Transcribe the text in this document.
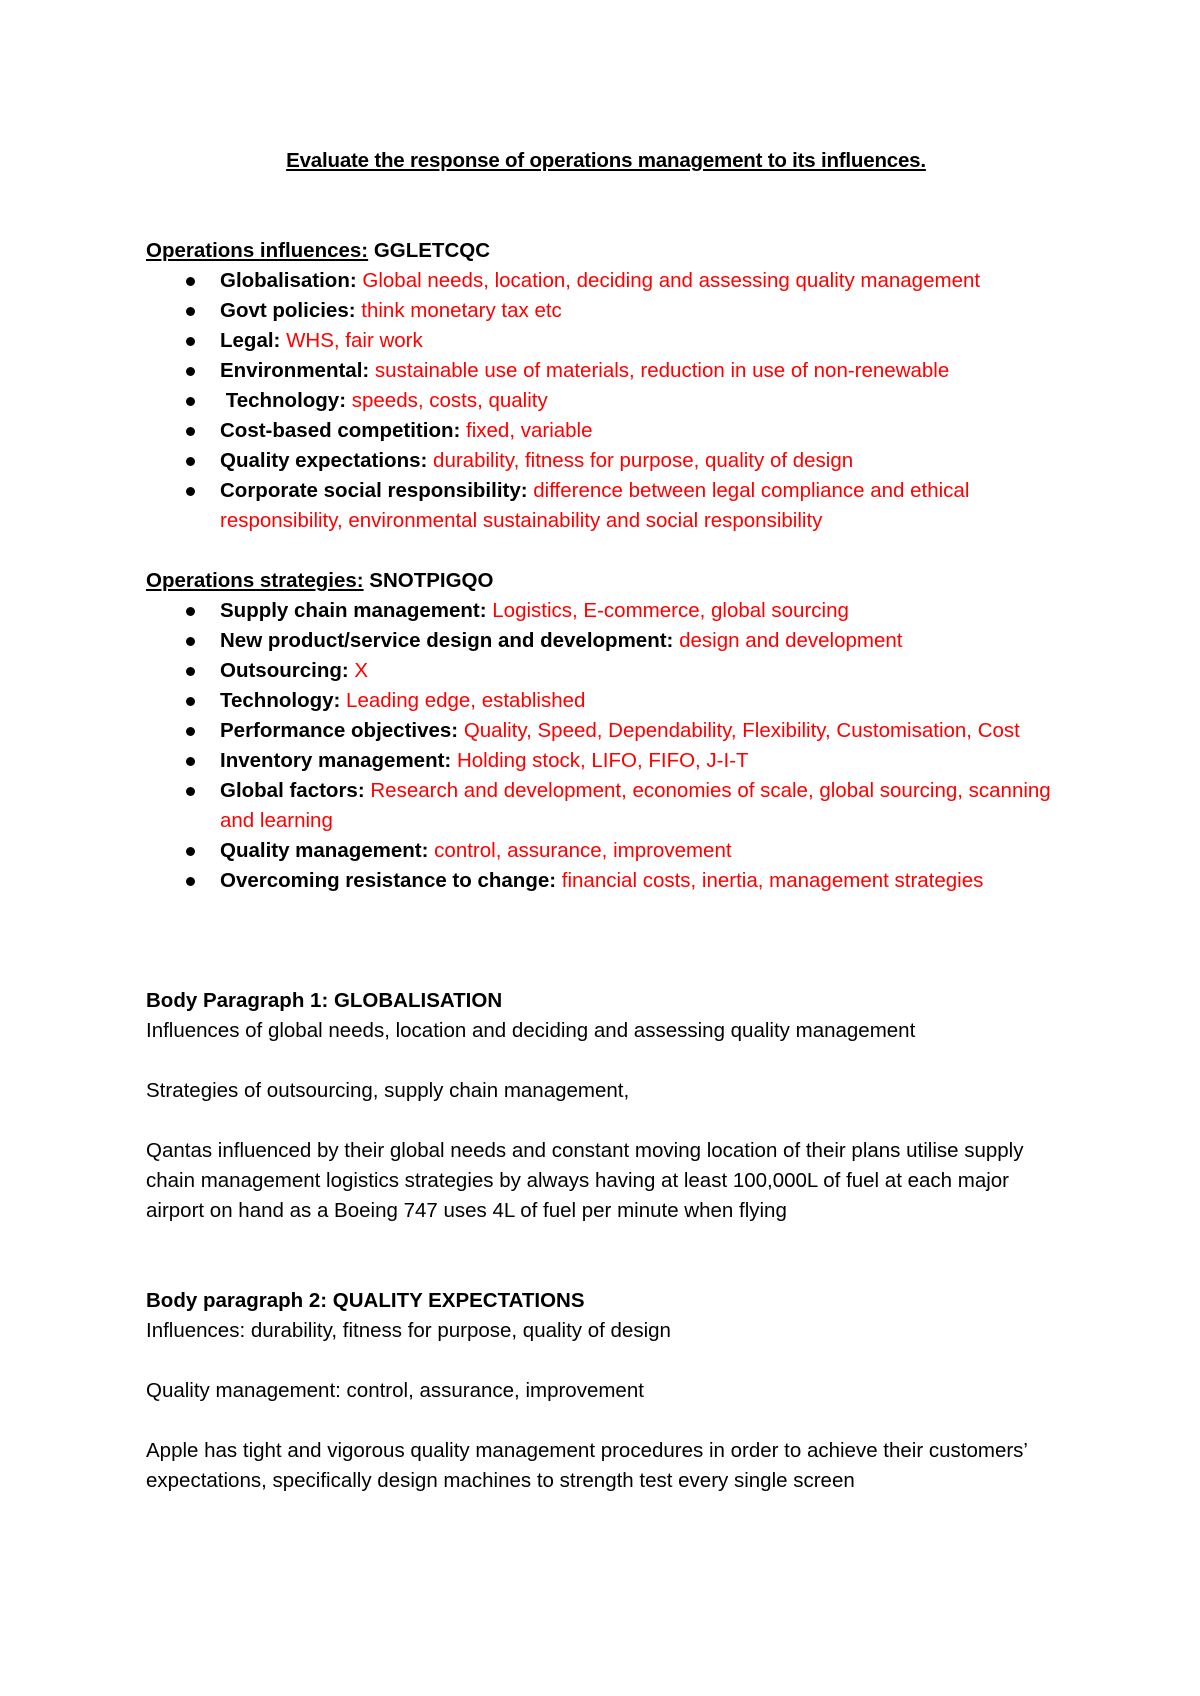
Evaluate the response of operations management to its influences.

Operations influences: GGLETCQC

Globalisation: Global needs, location, deciding and assessing quality management
Govt policies: think monetary tax etc
Legal: WHS, fair work
Environmental: sustainable use of materials, reduction in use of non-renewable
Technology: speeds, costs, quality
Cost-based competition: fixed, variable
Quality expectations: durability, fitness for purpose, quality of design
Corporate social responsibility: difference between legal compliance and ethical responsibility, environmental sustainability and social responsibility

Operations strategies: SNOTPIGQO

Supply chain management: Logistics, E-commerce, global sourcing
New product/service design and development: design and development
Outsourcing: X
Technology: Leading edge, established
Performance objectives: Quality, Speed, Dependability, Flexibility, Customisation, Cost
Inventory management: Holding stock, LIFO, FIFO, J-I-T
Global factors: Research and development, economies of scale, global sourcing, scanning and learning
Quality management: control, assurance, improvement
Overcoming resistance to change: financial costs, inertia, management strategies

Body Paragraph 1: GLOBALISATION

Influences of global needs, location and deciding and assessing quality management

Strategies of outsourcing, supply chain management,

Qantas influenced by their global needs and constant moving location of their plans utilise supply chain management logistics strategies by always having at least 100,000L of fuel at each major airport on hand as a Boeing 747 uses 4L of fuel per minute when flying

Body paragraph 2: QUALITY EXPECTATIONS

Influences: durability, fitness for purpose, quality of design

Quality management: control, assurance, improvement

Apple has tight and vigorous quality management procedures in order to achieve their customers’ expectations, specifically design machines to strength test every single screen
